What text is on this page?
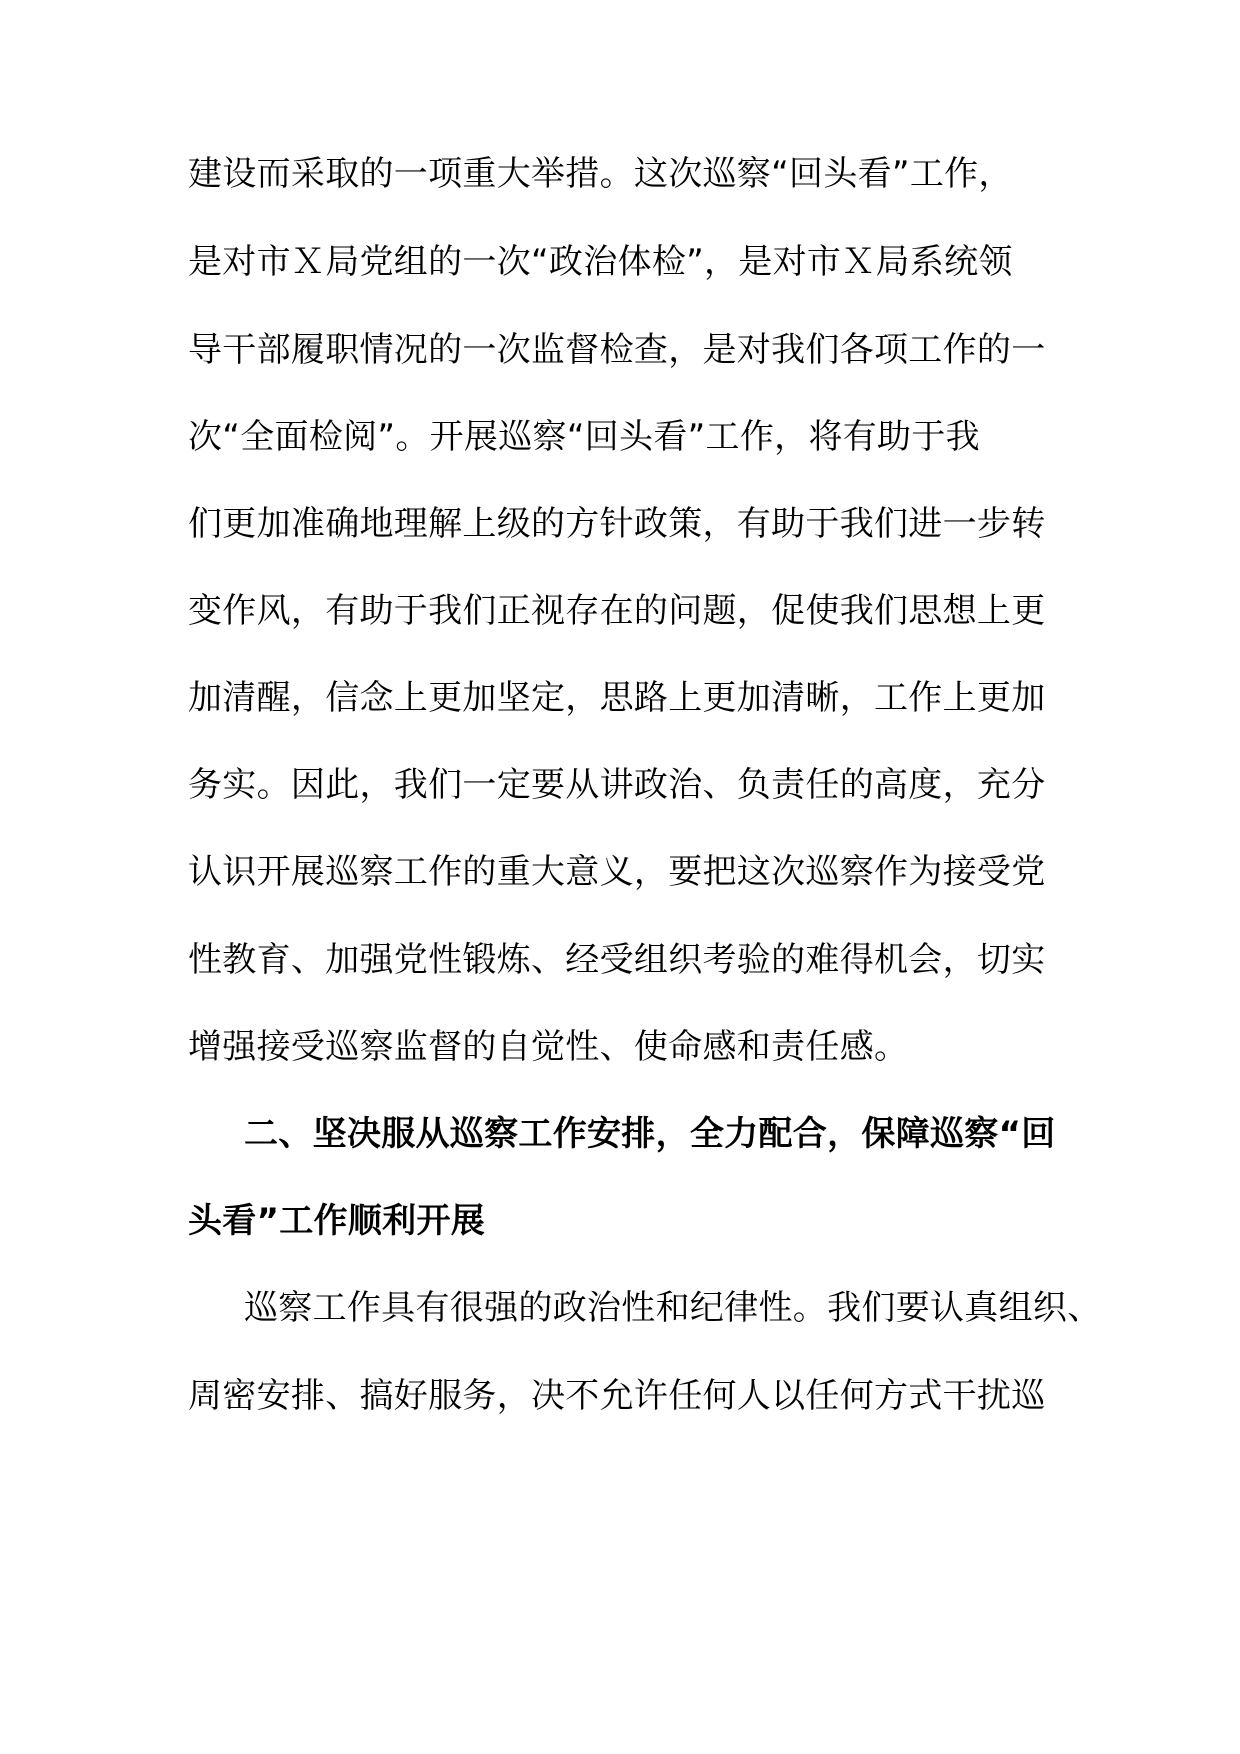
建设而采取的一项重大举措。这次巡察“回头看”工作，
是对市Ｘ局党组的一次“政治体检”，是对市Ｘ局系统领
导干部履职情况的一次监督检查，是对我们各项工作的一
次“全面检阅”。开展巡察“回头看”工作，将有助于我
们更加准确地理解上级的方针政策，有助于我们进一步转
变作风，有助于我们正视存在的问题，促使我们思想上更
加清醒，信念上更加坚定，思路上更加清晰，工作上更加
务实。因此，我们一定要从讲政治、负责任的高度，充分
认识开展巡察工作的重大意义，要把这次巡察作为接受党
性教育、加强党性锻炼、经受组织考验的难得机会，切实
增强接受巡察监督的自觉性、使命感和责任感。
二、坚决服从巡察工作安排，全力配合，保障巡察“回
头看”工作顺利开展
巡察工作具有很强的政治性和纪律性。我们要认真组织、
周密安排、搞好服务，决不允许任何人以任何方式干扰巡
